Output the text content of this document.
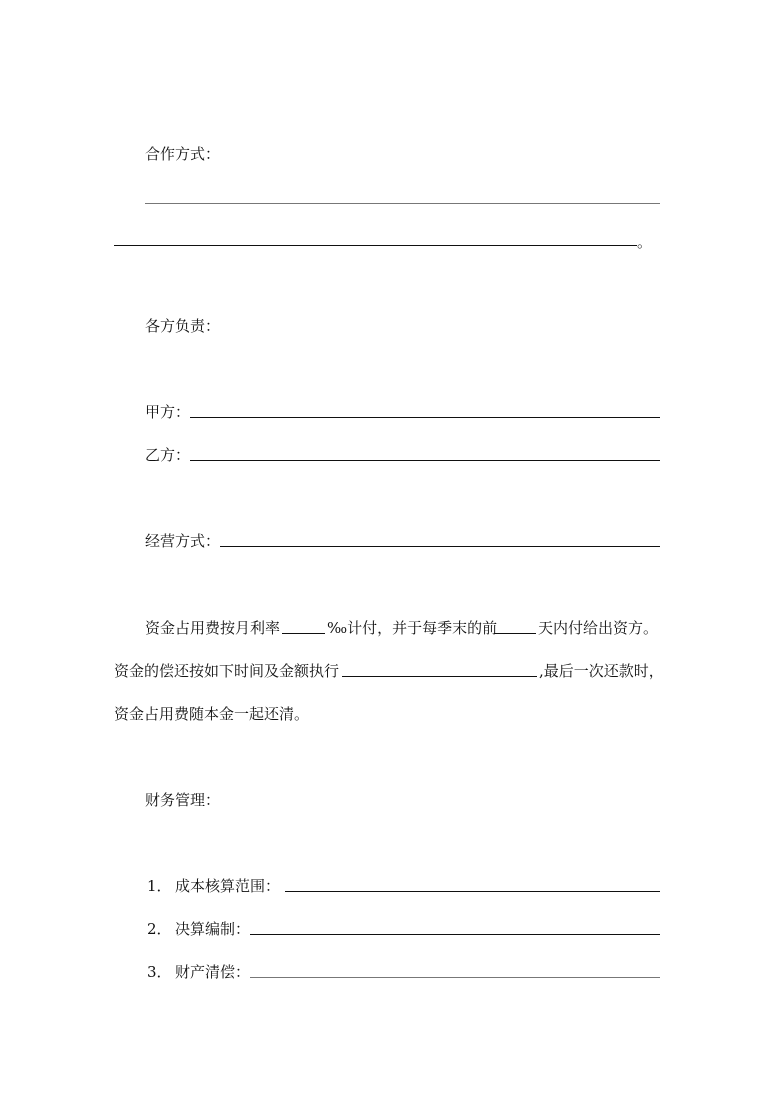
合作方式：
。
各方负责：
甲方：
乙方：
经营方式：
资金占用费按月利率	‰计付，并于每季末的前	天内付给出资方。
资金的偿还按如下时间及金额执行	,最后一次还款时，
资金占用费随本金一起还清。
财务管理：
1． 成本核算范围：
2． 决算编制：
3． 财产清偿：
